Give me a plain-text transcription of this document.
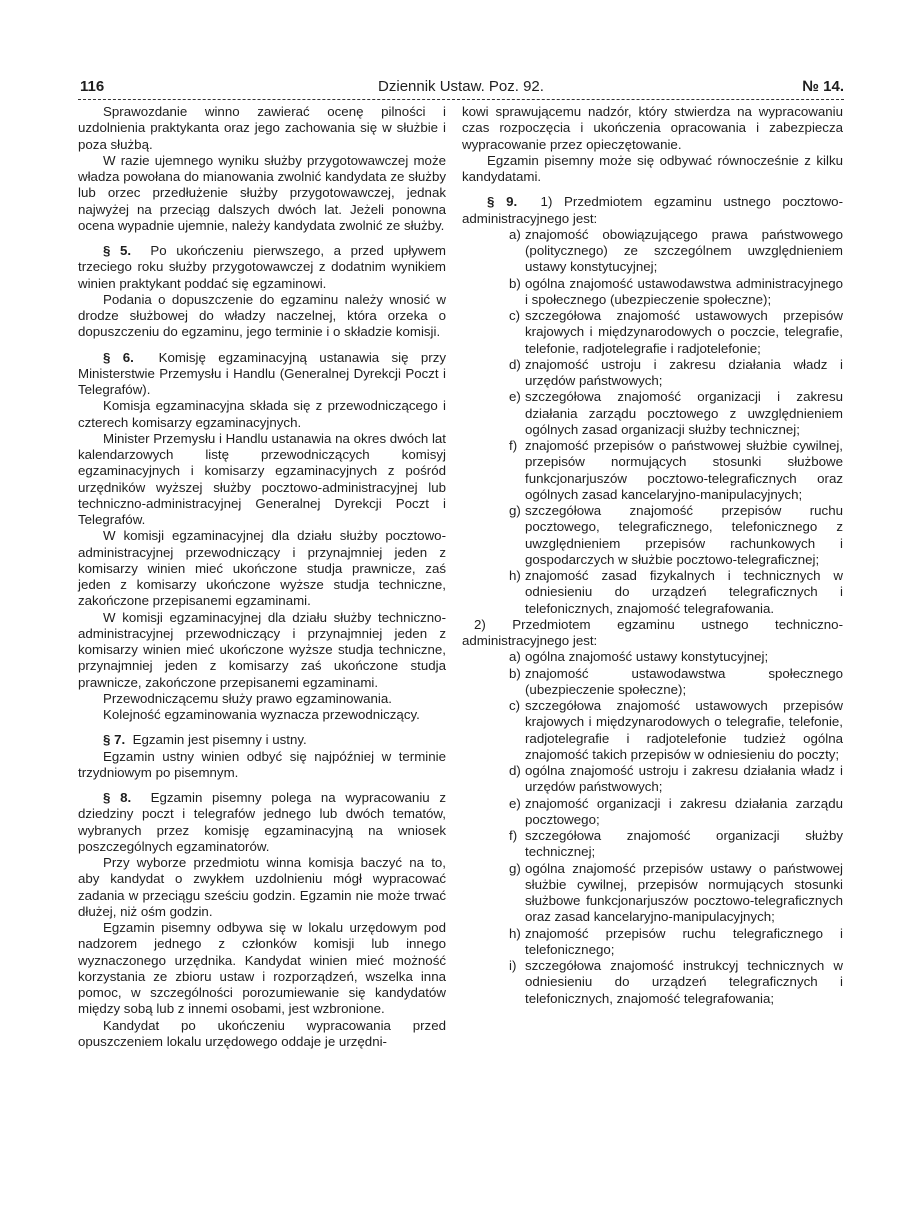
Dziennik Ustaw. Poz. 92.
116	№ 14.

Sprawozdanie winno zawierać ocenę pilności i uzdolnienia praktykanta oraz jego zachowania się w służbie i poza służbą.

W razie ujemnego wyniku służby przygotowawczej może władza powołana do mianowania zwolnić kandydata ze służby lub orzec przedłużenie służby przygotowawczej, jednak najwyżej na przeciąg dalszych dwóch lat. Jeżeli ponowna ocena wypadnie ujemnie, należy kandydata zwolnić ze służby.

§ 5. Po ukończeniu pierwszego, a przed upływem trzeciego roku służby przygotowawczej z dodatnim wynikiem winien praktykant poddać się egzaminowi.

Podania o dopuszczenie do egzaminu należy wnosić w drodze służbowej do władzy naczelnej, która orzeka o dopuszczeniu do egzaminu, jego terminie i o składzie komisji.

§ 6. Komisję egzaminacyjną ustanawia się przy Ministerstwie Przemysłu i Handlu (Generalnej Dyrekcji Poczt i Telegrafów).

Komisja egzaminacyjna składa się z przewodniczącego i czterech komisarzy egzaminacyjnych.

Minister Przemysłu i Handlu ustanawia na okres dwóch lat kalendarzowych listę przewodniczących komisyj egzaminacyjnych i komisarzy egzaminacyjnych z pośród urzędników wyższej służby pocztowo-administracyjnej lub techniczno-administracyjnej Generalnej Dyrekcji Poczt i Telegrafów.

W komisji egzaminacyjnej dla działu służby pocztowo-administracyjnej przewodniczący i przynajmniej jeden z komisarzy winien mieć ukończone studja prawnicze, zaś jeden z komisarzy ukończone wyższe studja techniczne, zakończone przepisanemi egzaminami.

W komisji egzaminacyjnej dla działu służby techniczno-administracyjnej przewodniczący i przynajmniej jeden z komisarzy winien mieć ukończone wyższe studja techniczne, przynajmniej jeden z komisarzy zaś ukończone studja prawnicze, zakończone przepisanemi egzaminami.

Przewodniczącemu służy prawo egzaminowania.

Kolejność egzaminowania wyznacza przewodniczący.

§ 7. Egzamin jest pisemny i ustny.

Egzamin ustny winien odbyć się najpóźniej w terminie trzydniowym po pisemnym.

§ 8. Egzamin pisemny polega na wypracowaniu z dziedziny poczt i telegrafów jednego lub dwóch tematów, wybranych przez komisję egzaminacyjną na wniosek poszczególnych egzaminatorów.

Przy wyborze przedmiotu winna komisja baczyć na to, aby kandydat o zwykłem uzdolnieniu mógł wypracować zadania w przeciągu sześciu godzin. Egzamin nie może trwać dłużej, niż ośm godzin.

Egzamin pisemny odbywa się w lokalu urzędowym pod nadzorem jednego z członków komisji lub innego wyznaczonego urzędnika. Kandydat winien mieć możność korzystania ze zbioru ustaw i rozporządzeń, wszelka inna pomoc, w szczególności porozumiewanie się kandydatów między sobą lub z innemi osobami, jest wzbronione.

Kandydat po ukończeniu wypracowania przed opuszczeniem lokalu urzędowego oddaje je urzędni-

kowi sprawującemu nadzór, który stwierdza na wypracowaniu czas rozpoczęcia i ukończenia opracowania i zabezpiecza wypracowanie przez opieczętowanie.

Egzamin pisemny może się odbywać równocześnie z kilku kandydatami.

§ 9. 1) Przedmiotem egzaminu ustnego pocztowo-administracyjnego jest:

a) znajomość obowiązującego prawa państwowego (politycznego) ze szczególnem uwzględnieniem ustawy konstytucyjnej;
b) ogólna znajomość ustawodawstwa administracyjnego i społecznego (ubezpieczenie społeczne);
c) szczegółowa znajomość ustawowych przepisów krajowych i międzynarodowych o poczcie, telegrafie, telefonie, radjotelegrafie i radjotelefonie;
d) znajomość ustroju i zakresu działania władz i urzędów państwowych;
e) szczegółowa znajomość organizacji i zakresu działania zarządu pocztowego z uwzględnieniem ogólnych zasad organizacji służby technicznej;
f) znajomość przepisów o państwowej służbie cywilnej, przepisów normujących stosunki służbowe funkcjonarjuszów pocztowo-telegraficznych oraz ogólnych zasad kancelaryjno-manipulacyjnych;
g) szczegółowa znajomość przepisów ruchu pocztowego, telegraficznego, telefonicznego z uwzględnieniem przepisów rachunkowych i gospodarczych w służbie pocztowo-telegraficznej;
h) znajomość zasad fizykalnych i technicznych w odniesieniu do urządzeń telegraficznych i telefonicznych, znajomość telegrafowania.

2) Przedmiotem egzaminu ustnego techniczno-administracyjnego jest:

a) ogólna znajomość ustawy konstytucyjnej;
b) znajomość ustawodawstwa społecznego (ubezpieczenie społeczne);
c) szczegółowa znajomość ustawowych przepisów krajowych i międzynarodowych o telegrafie, telefonie, radjotelegrafie i radjotelefonie tudzież ogólna znajomość takich przepisów w odniesieniu do poczty;
d) ogólna znajomość ustroju i zakresu działania władz i urzędów państwowych;
e) znajomość organizacji i zakresu działania zarządu pocztowego;
f) szczegółowa znajomość organizacji służby technicznej;
g) ogólna znajomość przepisów ustawy o państwowej służbie cywilnej, przepisów normujących stosunki służbowe funkcjonarjuszów pocztowo-telegraficznych oraz zasad kancelaryjno-manipulacyjnych;
h) znajomość przepisów ruchu telegraficznego i telefonicznego;
i) szczegółowa znajomość instrukcyj technicznych w odniesieniu do urządzeń telegraficznych i telefonicznych, znajomość telegrafowania;
